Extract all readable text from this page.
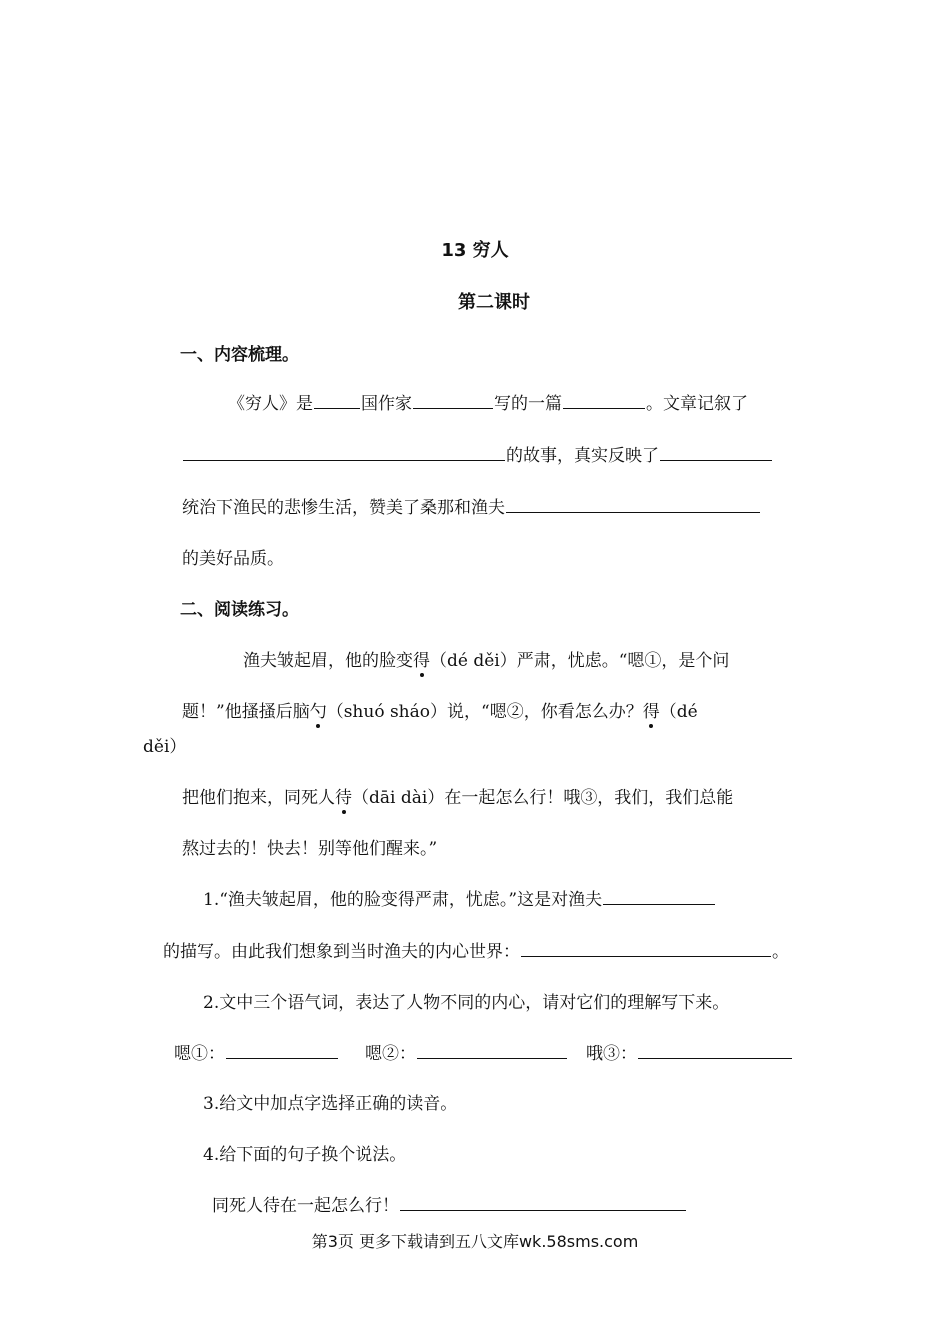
13 穷人
第二课时
一、内容梳理。
《穷人》是	国作家	写的一篇	。文章记叙了
的故事，真实反映了
统治下渔民的悲惨生活，赞美了桑那和渔夫
的美好品质。
二、阅读练习。
渔夫皱起眉，他的脸变得（dé děi）严肃，忧虑。“嗯①，是个问
题！”他搔搔后脑勺（shuó sháo）说，“嗯②，你看怎么办？得（dé
děi）
把他们抱来，同死人待（dāi dài）在一起怎么行！哦③，我们，我们总能
熬过去的！快去！别等他们醒来。”
1.“渔夫皱起眉，他的脸变得严肃，忧虑。”这是对渔夫
的描写。由此我们想象到当时渔夫的内心世界：	。
2.文中三个语气词，表达了人物不同的内心，请对它们的理解写下来。
嗯①：	嗯②：	哦③：
3.给文中加点字选择正确的读音。
4.给下面的句子换个说法。
同死人待在一起怎么行！
第3页 更多下载请到五八文库wk.58sms.com
